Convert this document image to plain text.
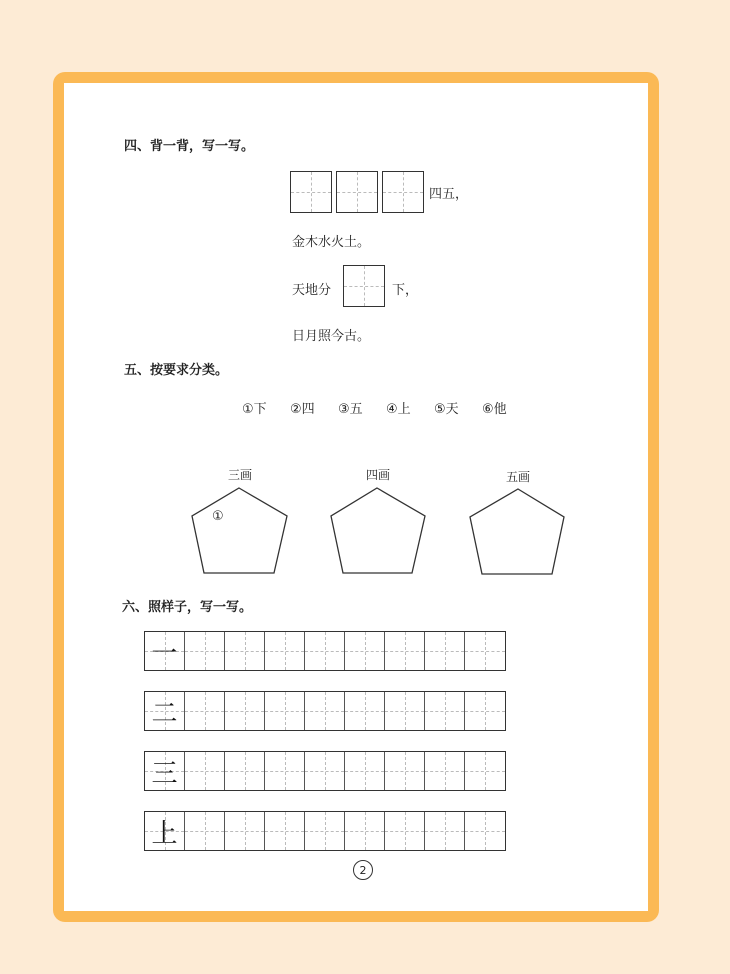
四、背一背，写一写。
四五，
金木水火土。
天地分	下，
日月照今古。
五、按要求分类。
①下 ②四 ③五 ④上 ⑤天 ⑥他
三画	四画	五画
①
六、照样子，写一写。
一
二
三
上
2
